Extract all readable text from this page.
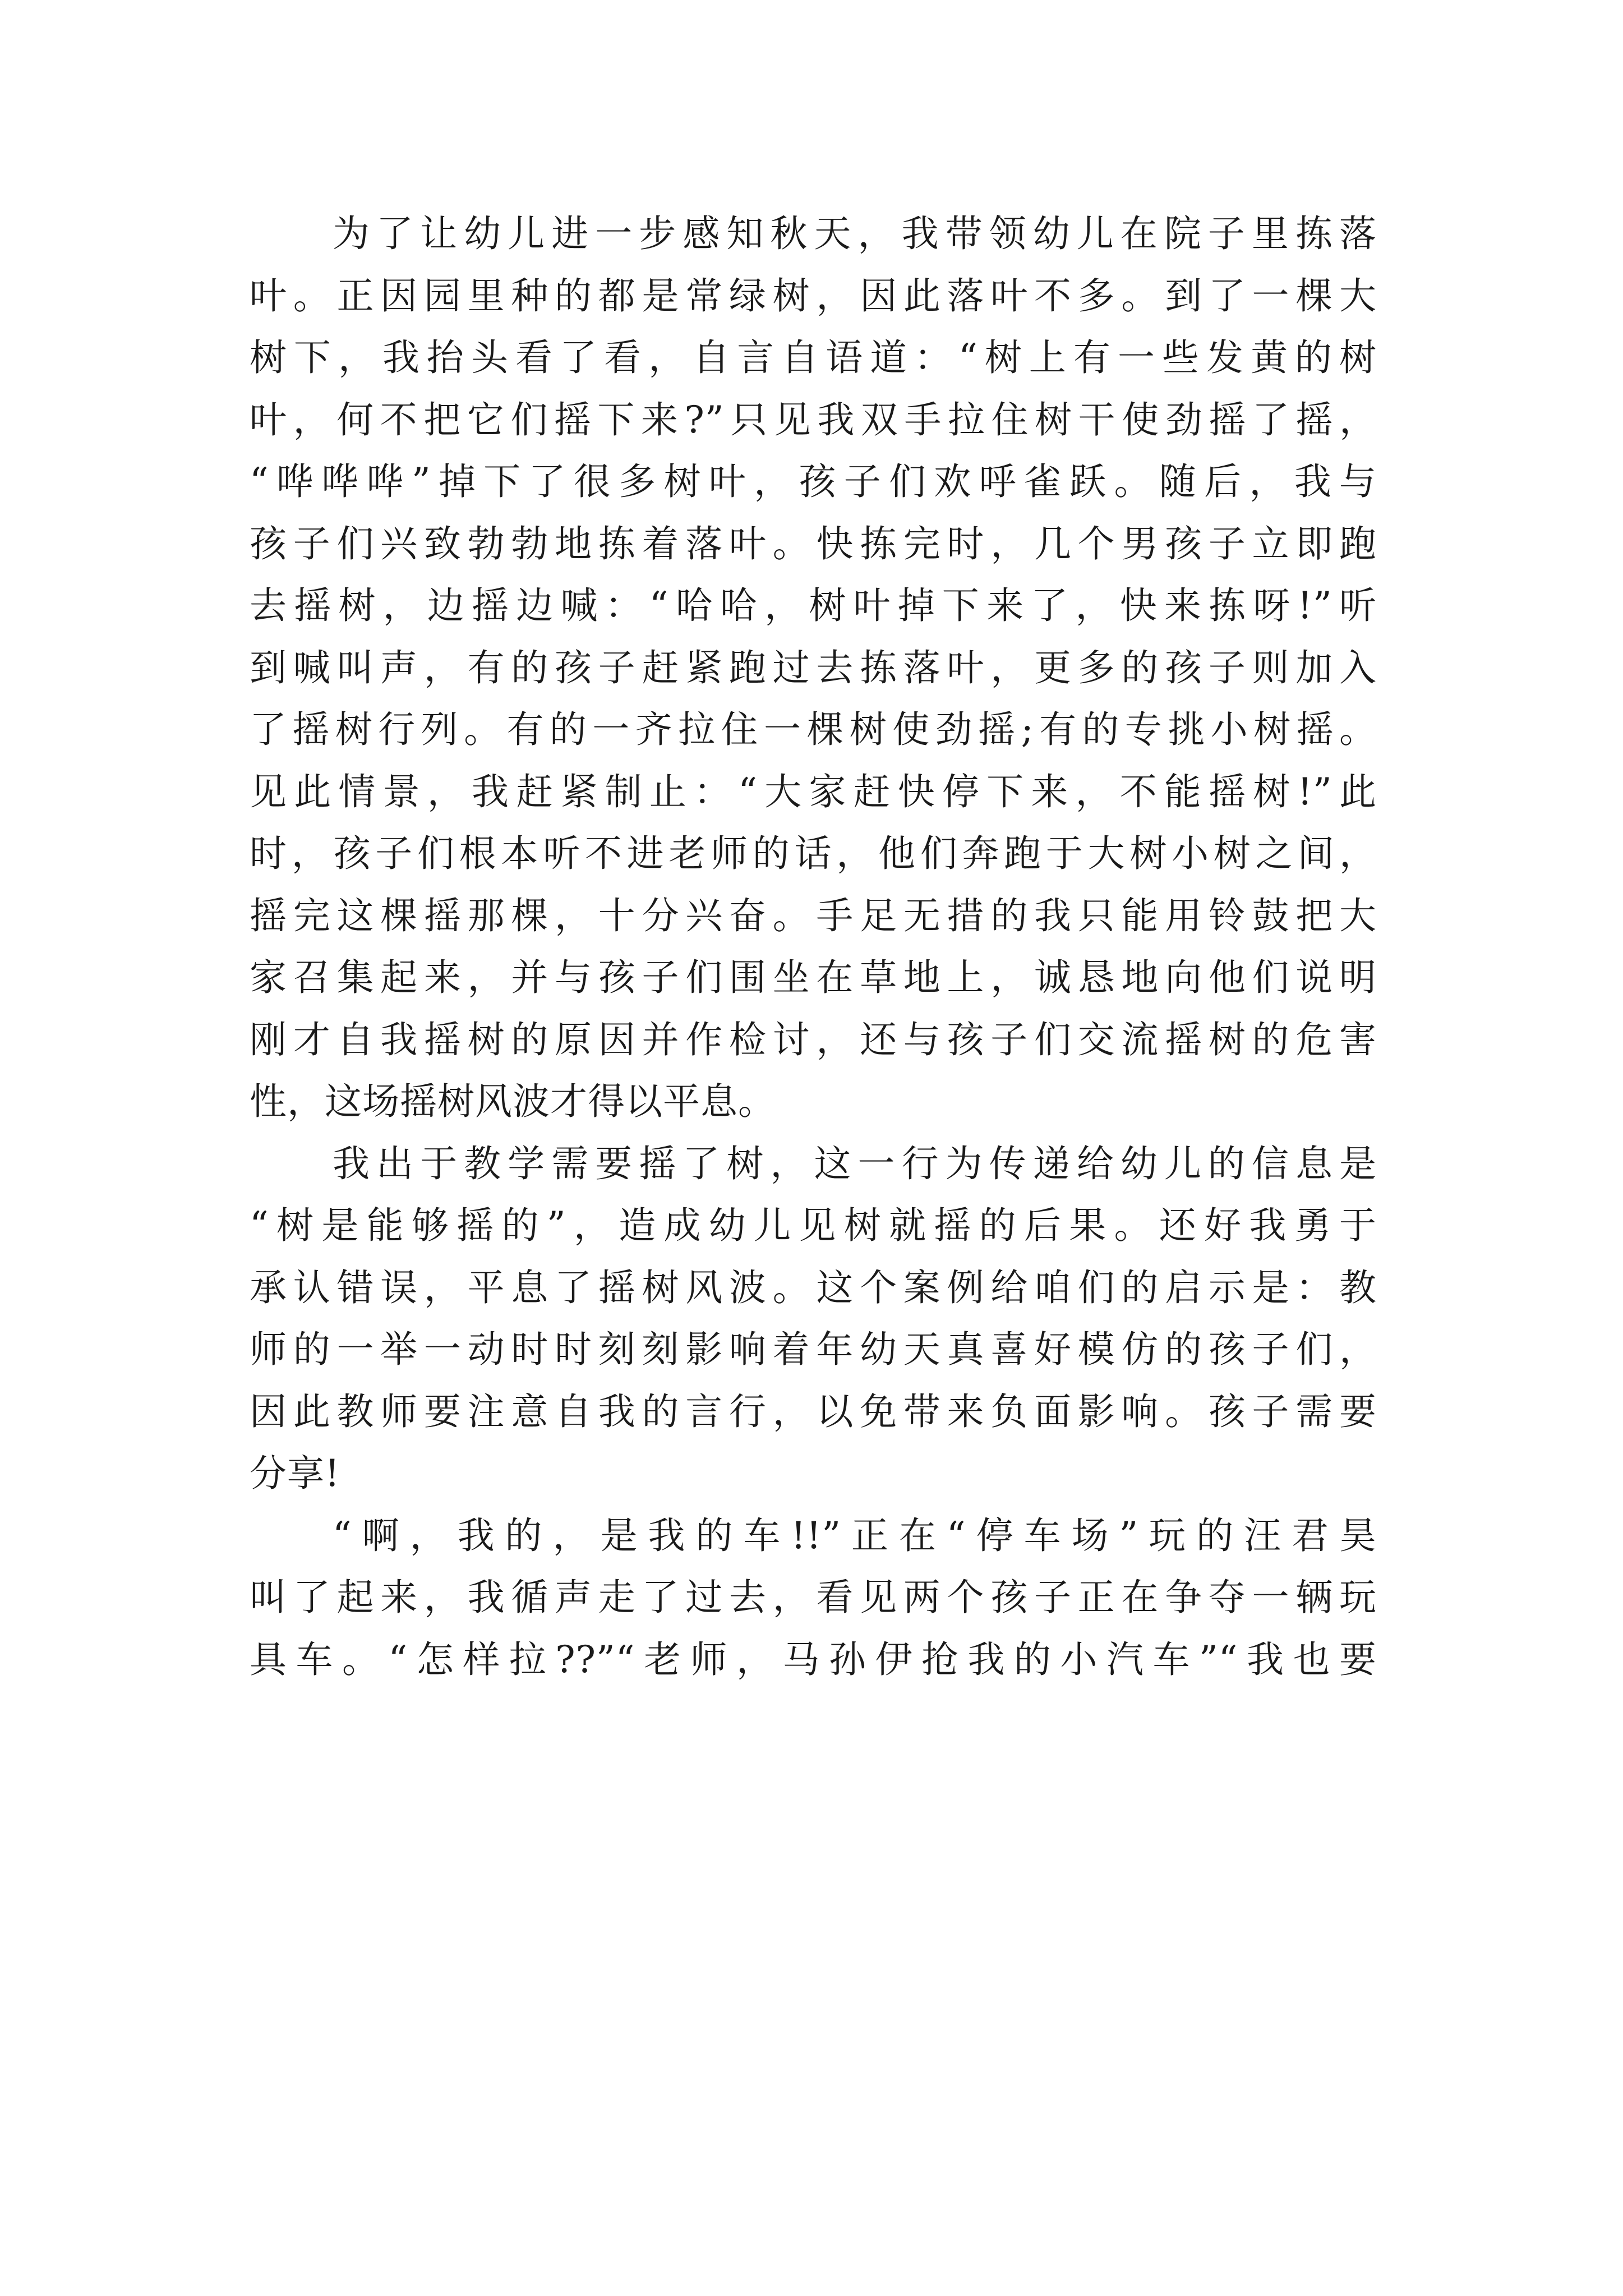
为了让幼儿进一步感知秋天，我带领幼儿在院子里拣落
叶。正因园里种的都是常绿树，因此落叶不多。到了一棵大
树下，我抬头看了看，自言自语道：“树上有一些发黄的树
叶，何不把它们摇下来?”只见我双手拉住树干使劲摇了摇，
“哗哗哗”掉下了很多树叶，孩子们欢呼雀跃。随后，我与
孩子们兴致勃勃地拣着落叶。快拣完时，几个男孩子立即跑
去摇树，边摇边喊：“哈哈，树叶掉下来了，快来拣呀!”听
到喊叫声，有的孩子赶紧跑过去拣落叶，更多的孩子则加入
了摇树行列。有的一齐拉住一棵树使劲摇;有的专挑小树摇。
见此情景，我赶紧制止：“大家赶快停下来，不能摇树!”此
时，孩子们根本听不进老师的话，他们奔跑于大树小树之间，
摇完这棵摇那棵，十分兴奋。手足无措的我只能用铃鼓把大
家召集起来，并与孩子们围坐在草地上，诚恳地向他们说明
刚才自我摇树的原因并作检讨，还与孩子们交流摇树的危害
性，这场摇树风波才得以平息。
我出于教学需要摇了树，这一行为传递给幼儿的信息是
“树是能够摇的”，造成幼儿见树就摇的后果。还好我勇于
承认错误，平息了摇树风波。这个案例给咱们的启示是：教
师的一举一动时时刻刻影响着年幼天真喜好模仿的孩子们，
因此教师要注意自我的言行，以免带来负面影响。孩子需要
分享!
“啊，我的，是我的车!!”正在“停车场”玩的汪君昊
叫了起来，我循声走了过去，看见两个孩子正在争夺一辆玩
具车。“怎样拉??”“老师，马孙伊抢我的小汽车”“我也要
